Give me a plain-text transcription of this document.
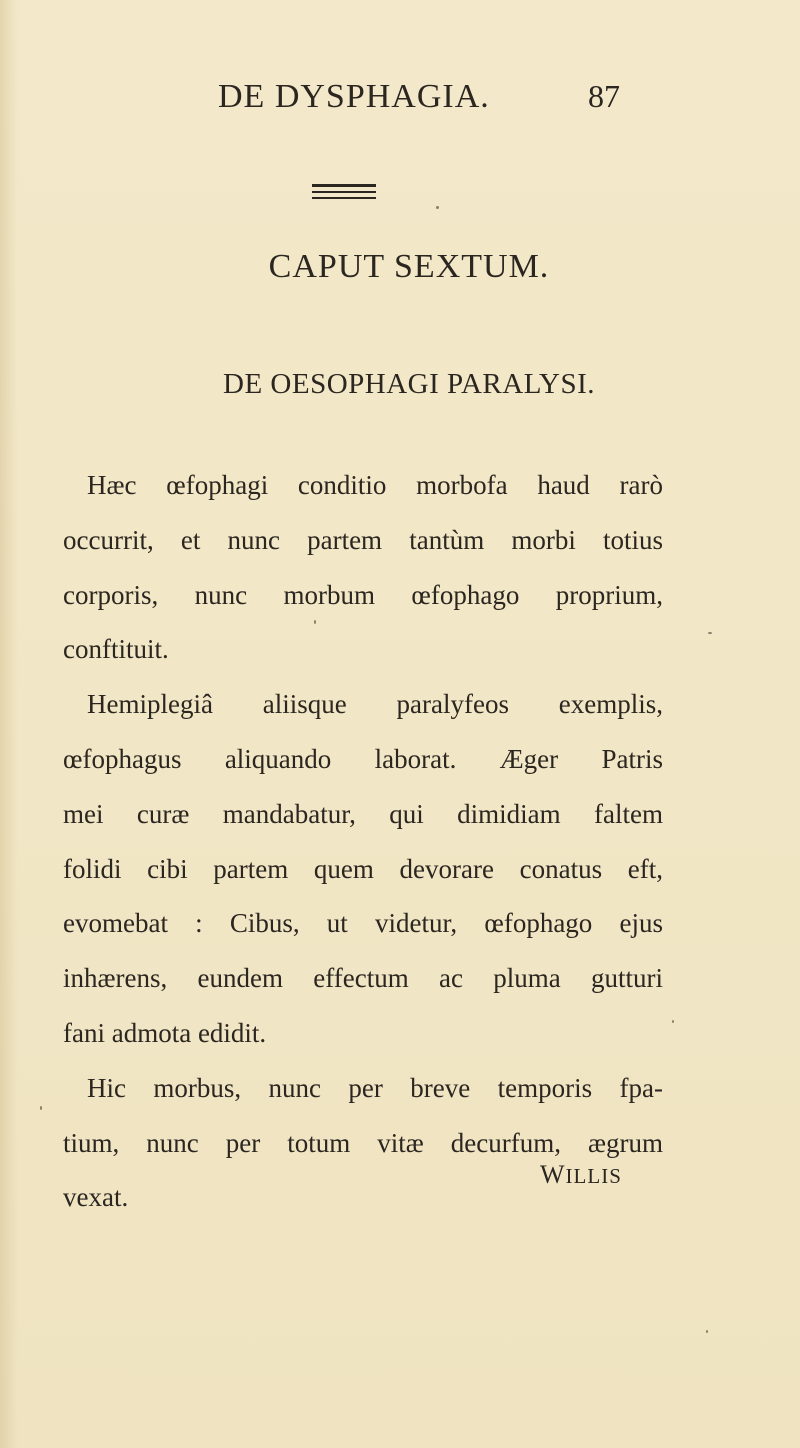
DE DYSPHAGIA.	87
CAPUT SEXTUM.
DE OESOPHAGI PARALYSI.
Hæc œfophagi conditio morbofa haud rarò
occurrit, et nunc partem tantùm morbi totius
corporis, nunc morbum œfophago proprium,
conftituit.
Hemiplegiâ aliisque paralyfeos exemplis,
œfophagus aliquando laborat. Æger Patris
mei curæ mandabatur, qui dimidiam faltem
folidi cibi partem quem devorare conatus eft,
evomebat : Cibus, ut videtur, œfophago ejus
inhærens, eundem effectum ac pluma gutturi
fani admota edidit.
Hic morbus, nunc per breve temporis fpa-
tium, nunc per totum vitæ decurfum, ægrum
vexat.
WILLIS
